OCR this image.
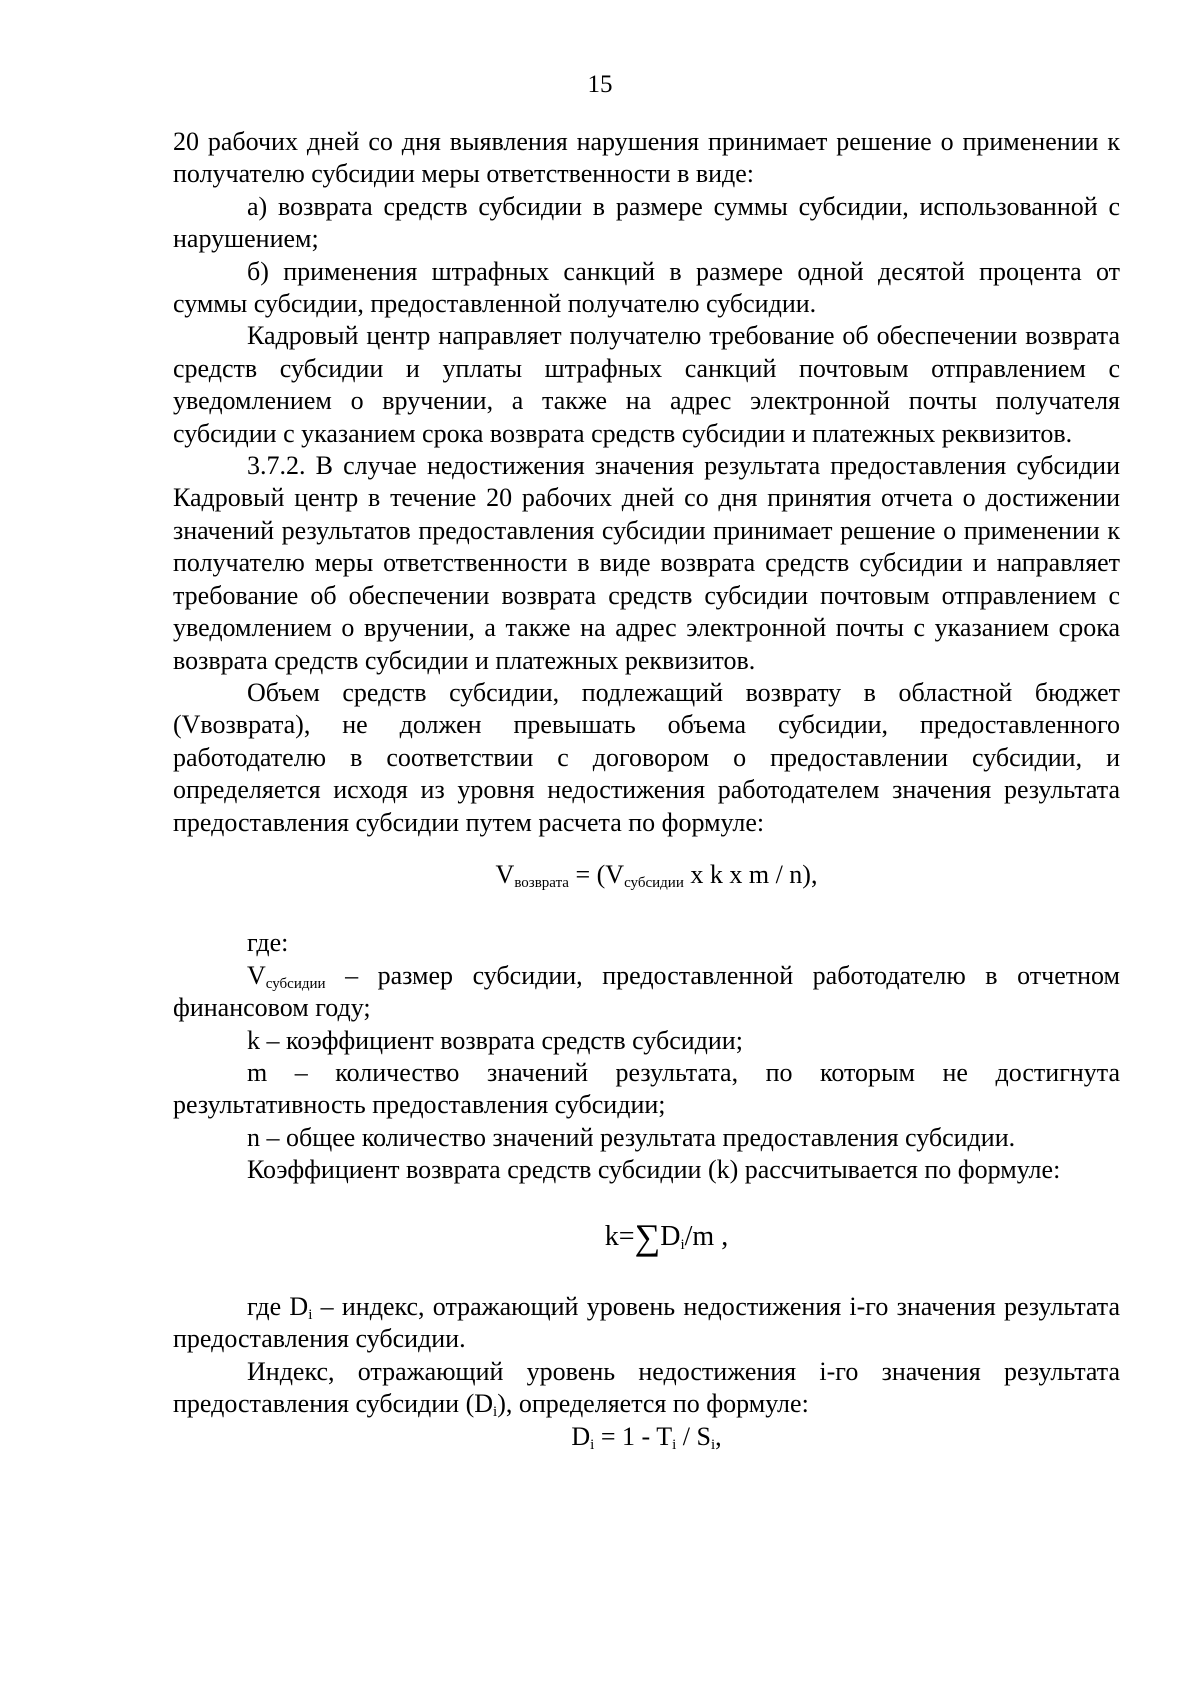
15

20 рабочих дней со дня выявления нарушения принимает решение о применении к получателю субсидии меры ответственности в виде:

а) возврата средств субсидии в размере суммы субсидии, использованной с нарушением;

б) применения штрафных санкций в размере одной десятой процента от суммы субсидии, предоставленной получателю субсидии.

Кадровый центр направляет получателю требование об обеспечении возврата средств субсидии и уплаты штрафных санкций почтовым отправлением с уведомлением о вручении, а также на адрес электронной почты получателя субсидии с указанием срока возврата средств субсидии и платежных реквизитов.

3.7.2. В случае недостижения значения результата предоставления субсидии Кадровый центр в течение 20 рабочих дней со дня принятия отчета о достижении значений результатов предоставления субсидии принимает решение о применении к получателю меры ответственности в виде возврата средств субсидии и направляет требование об обеспечении возврата средств субсидии почтовым отправлением с уведомлением о вручении, а также на адрес электронной почты с указанием срока возврата средств субсидии и платежных реквизитов.

Объем средств субсидии, подлежащий возврату в областной бюджет (Vвозврата), не должен превышать объема субсидии, предоставленного работодателю в соответствии с договором о предоставлении субсидии, и определяется исходя из уровня недостижения работодателем значения результата предоставления субсидии путем расчета по формуле:

$V_{возврата} = (V_{субсидии}$ x k x m / n),

где:

$V_{субсидии}$ – размер субсидии, предоставленной работодателю в отчетном финансовом году;

k – коэффициент возврата средств субсидии;

m – количество значений результата, по которым не достигнута результативность предоставления субсидии;

n – общее количество значений результата предоставления субсидии.

Коэффициент возврата средств субсидии (k) рассчитывается по формуле:

$k=\sum D_i/m$ ,

где $D_i$ – индекс, отражающий уровень недостижения i-го значения результата предоставления субсидии.

Индекс, отражающий уровень недостижения i-го значения результата предоставления субсидии $(D_i)$, определяется по формуле:

$D_i = 1 - T_i / S_i$,
